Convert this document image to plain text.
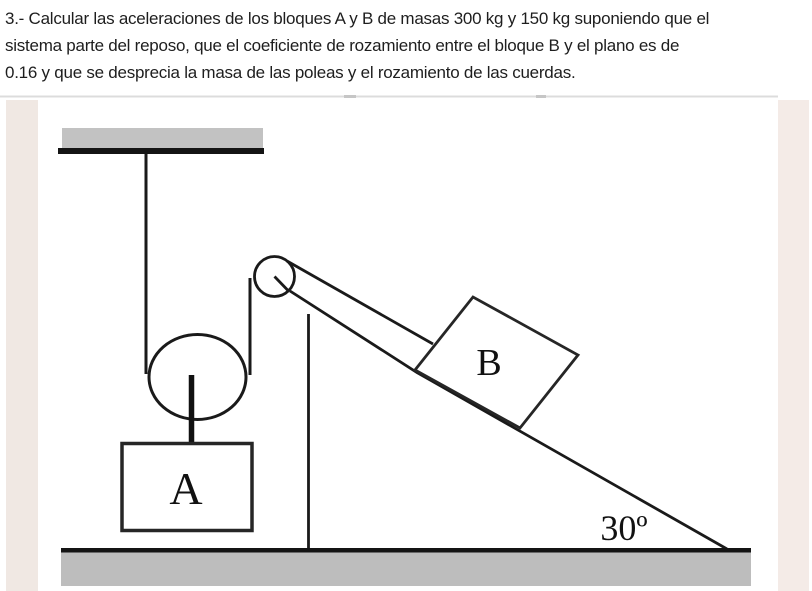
3.- Calcular las aceleraciones de los bloques A y B de masas 300 kg y 150 kg suponiendo que el
sistema parte del reposo, que el coeficiente de rozamiento entre el bloque B y el plano es de
0.16 y que se desprecia la masa de las poleas y el rozamiento de las cuerdas.
A
B
30º
